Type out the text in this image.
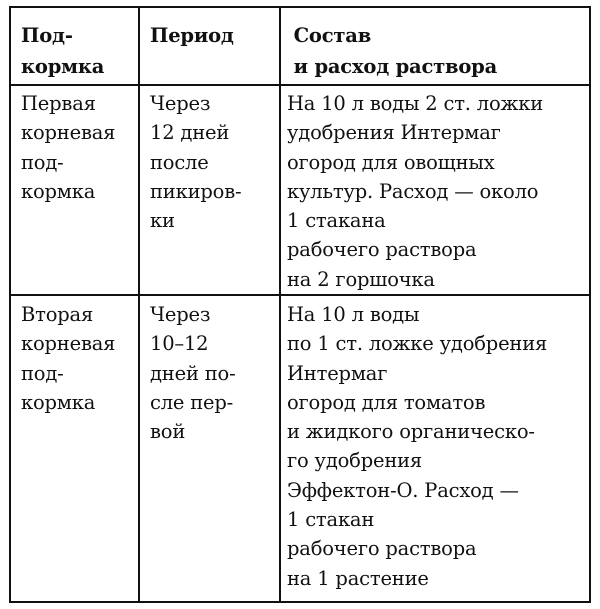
Под-
кормка
Период	Состав
и расход раствора
Первая
корневая
под-
кормка
Через
12 дней
после
пикиров-
ки
На 10 л воды 2 ст. ложки
удобрения Интермаг
огород для овощных
культур. Расход — около
1 стакана
рабочего раствора
на 2 горшочка
Вторая
корневая
под-
кормка
Через
10–12
дней по-
сле пер-
вой
На 10 л воды
по 1 ст. ложке удобрения
Интермаг
огород для томатов
и жидкого органическо-
го удобрения
Эффектон-О. Расход —
1 стакан
рабочего раствора
на 1 растение
